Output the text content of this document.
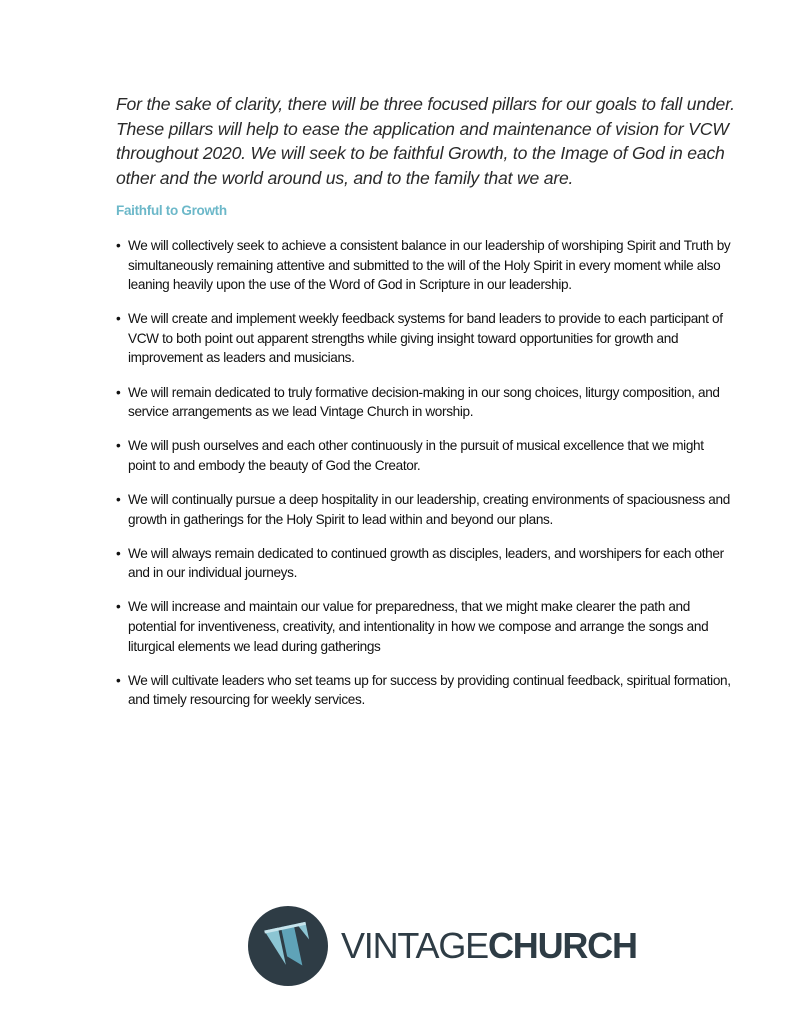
For the sake of clarity, there will be three focused pillars for our goals to fall under. These pillars will help to ease the application and maintenance of vision for VCW throughout 2020. We will seek to be faithful Growth, to the Image of God in each other and the world around us, and to the family that we are.

Faithful to Growth
• We will collectively seek to achieve a consistent balance in our leadership of worshiping Spirit and Truth by simultaneously remaining attentive and submitted to the will of the Holy Spirit in every moment while also leaning heavily upon the use of the Word of God in Scripture in our leadership.
• We will create and implement weekly feedback systems for band leaders to provide to each participant of VCW to both point out apparent strengths while giving insight toward opportunities for growth and improvement as leaders and musicians.
• We will remain dedicated to truly formative decision-making in our song choices, liturgy composition, and service arrangements as we lead Vintage Church in worship.
• We will push ourselves and each other continuously in the pursuit of musical excellence that we might point to and embody the beauty of God the Creator.
• We will continually pursue a deep hospitality in our leadership, creating environments of spaciousness and growth in gatherings for the Holy Spirit to lead within and beyond our plans.
• We will always remain dedicated to continued growth as disciples, leaders, and worshipers for each other and in our individual journeys.
• We will increase and maintain our value for preparedness, that we might make clearer the path and potential for inventiveness, creativity, and intentionality in how we compose and arrange the songs and liturgical elements we lead during gatherings
• We will cultivate leaders who set teams up for success by providing continual feedback, spiritual formation, and timely resourcing for weekly services.
VINTAGECHURCH
